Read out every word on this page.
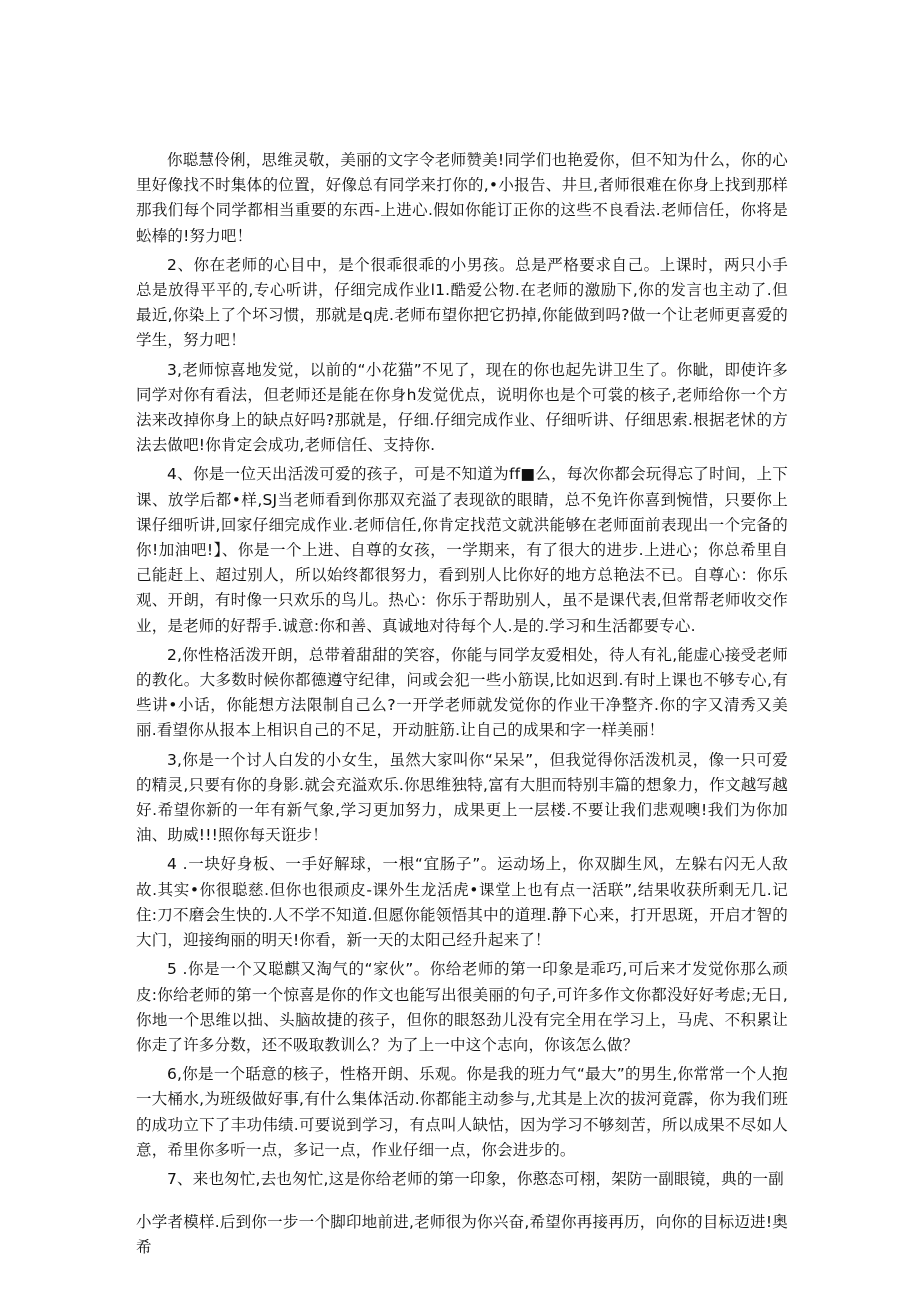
你聪慧伶俐，思维灵敬，美丽的文字令老师赞美!同学们也艳爱你，但不知为什么，你的心里好像找不时集体的位置，好像总有同学来打你的,•小报告、井旦,者师很难在你身上找到那样那我们每个同学都相当重要的东西-上进心.假如你能订正你的这些不良看法.老师信任，你将是蚣棒的!努力吧！

2、你在老师的心目中，是个很乖很乖的小男孩。总是严格要求自己。上课时，两只小手总是放得平平的,专心听讲，仔细完成作业l1.酷爱公物.在老师的激励下,你的发言也主动了.但最近,你染上了个坏习惯，那就是q虎.老师布望你把它扔掉,你能做到吗?做一个让老师更喜爱的学生，努力吧！

3,老师惊喜地发觉，以前的“小花猫”不见了，现在的你也起先讲卫生了。你眦，即使许多同学对你有看法，但老师还是能在你身h发觉优点，说明你也是个可裳的核子,老师给你一个方法来改掉你身上的缺点好吗?那就是，仔细.仔细完成作业、仔细听讲、仔细思索.根据老怵的方法去做吧!你肯定会成功,老师信任、支持你.

4、你是一位天出活泼可爱的孩子，可是不知道为ff■么，每次你都会玩得忘了时间，上下课、放学后都•样,SJ当老师看到你那双充溢了表现欲的眼睛，总不免许你喜到惋惜，只要你上课仔细听讲,回家仔细完成作业.老师信任,你肯定找范文就洪能够在老师面前表现出一个完备的你!加油吧!】、你是一个上进、自尊的女孩，一学期来，有了很大的进步.上进心；你总希里自己能赶上、超过别人，所以始终都很努力，看到别人比你好的地方总艳法不已。自尊心：你乐观、开朗，有时像一只欢乐的鸟儿。热心：你乐于帮助别人，虽不是课代表,但常帮老师收交作业，是老师的好帮手.诚意:你和善、真诚地对待每个人.是的.学习和生活都要专心.

2,你性格活泼开朗，总带着甜甜的笑容，你能与同学友爱相处，待人有礼,能虚心接受老师的教化。大多数时候你都德遵守纪律，问或会犯一些小筋误,比如迟到.有时上课也不够专心,有些讲•小话，你能想方法限制自己么?一开学老师就发觉你的作业干净整齐.你的字又清秀又美丽.看望你从报本上相识自己的不足，开动脏筋.让自己的成果和字一样美丽！

3,你是一个讨人白发的小女生，虽然大家叫你“呆呆”，但我觉得你活泼机灵，像一只可爱的精灵,只要有你的身影.就会充溢欢乐.你思维独特,富有大胆而特别丰篇的想象力，作文越写越好.希望你新的一年有新气象,学习更加努力，成果更上一层楼.不要让我们悲观噢!我们为你加油、助威!!!照你每天诳步！

4 .一块好身板、一手好解球，一根“宜肠子”。运动场上，你双脚生风，左躲右闪无人敌故.其实•你很聪慈.但你也很顽皮-课外生龙活虎•课堂上也有点一活联”,结果收获所剩无几.记住:刀不磨会生快的.人不学不知道.但愿你能领悟其中的道理.静下心来，打开思斑，开启才智的大门，迎接绚丽的明天!你看，新一天的太阳己经升起来了！

5 .你是一个又聪麒又淘气的“家伙”。你给老师的第一印象是乖巧,可后来才发觉你那么顽皮:你给老师的第一个惊喜是你的作文也能写出很美丽的句子,可许多作文你都没好好考虑;无日,你地一个思维以拙、头脑故捷的孩子，但你的眼怒劲儿没有完全用在学习上，马虎、不积累让你走了许多分数，还不吸取教训么？为了上一中这个志向，你该怎么做？

6,你是一个聒意的核子，性格开朗、乐观。你是我的班力气“最大”的男生,你常常一个人抱一大桶水,为班级做好事,有什么集体活动.你都能主动参与,尤其是上次的拔河竟霹，你为我们班的成功立下了丰功伟绩.可要说到学习，有点叫人缺怙，因为学习不够刻苦，所以成果不尽如人意，希里你多听一点，多记一点，作业仔细一点，你会进步的。

7、来也匆忙,去也匆忙,这是你给老师的第一印象，你憨态可栩，架防一副眼镜，典的一副

小学者模样.后到你一步一个脚印地前进,老师很为你兴奋,希望你再接再历，向你的目标迈进!奥希
